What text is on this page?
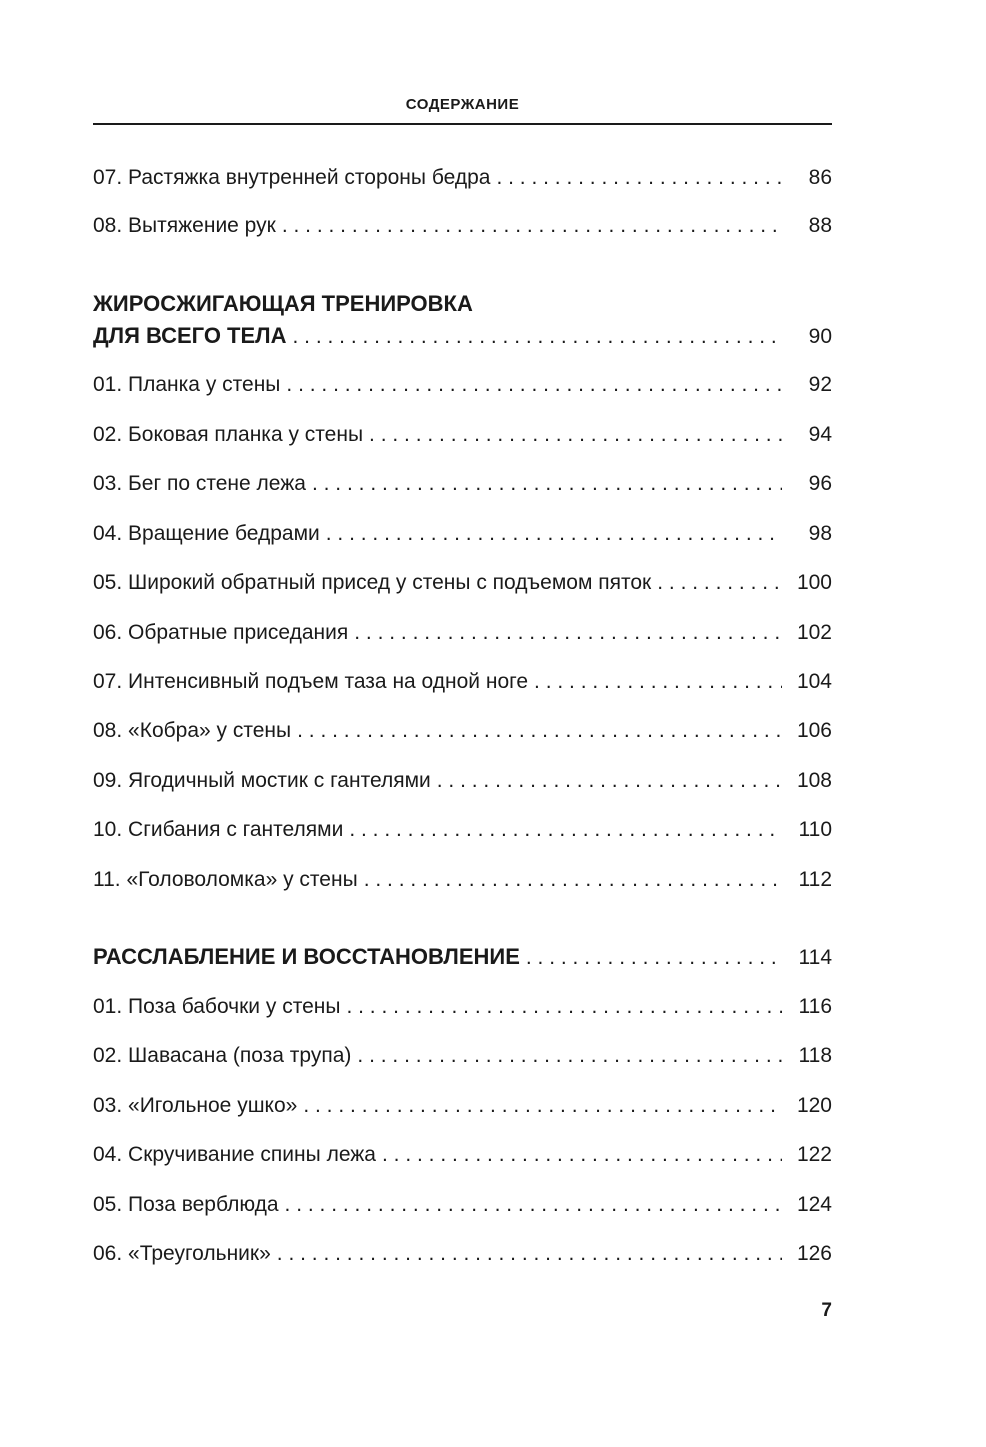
СОДЕРЖАНИЕ
07. Растяжка внутренней стороны бедра . . .	86
08. Вытяжение рук . . .	88
ЖИРОСЖИГАЮЩАЯ ТРЕНИРОВКА
ДЛЯ ВСЕГО ТЕЛА . . .	90
01. Планка у стены . . .	92
02. Боковая планка у стены . . .	94
03. Бег по стене лежа . . .	96
04. Вращение бедрами . . .	98
05. Широкий обратный присед у стены с подъемом пяток . . .	100
06. Обратные приседания . . .	102
07. Интенсивный подъем таза на одной ноге . . .	104
08. «Кобра» у стены . . .	106
09. Ягодичный мостик с гантелями . . .	108
10. Сгибания с гантелями . . .	110
11. «Головоломка» у стены . . .	112
РАССЛАБЛЕНИЕ И ВОССТАНОВЛЕНИЕ . . .	114
01. Поза бабочки у стены . . .	116
02. Шавасана (поза трупа) . . .	118
03. «Игольное ушко» . . .	120
04. Скручивание спины лежа . . .	122
05. Поза верблюда . . .	124
06. «Треугольник» . . .	126
7
